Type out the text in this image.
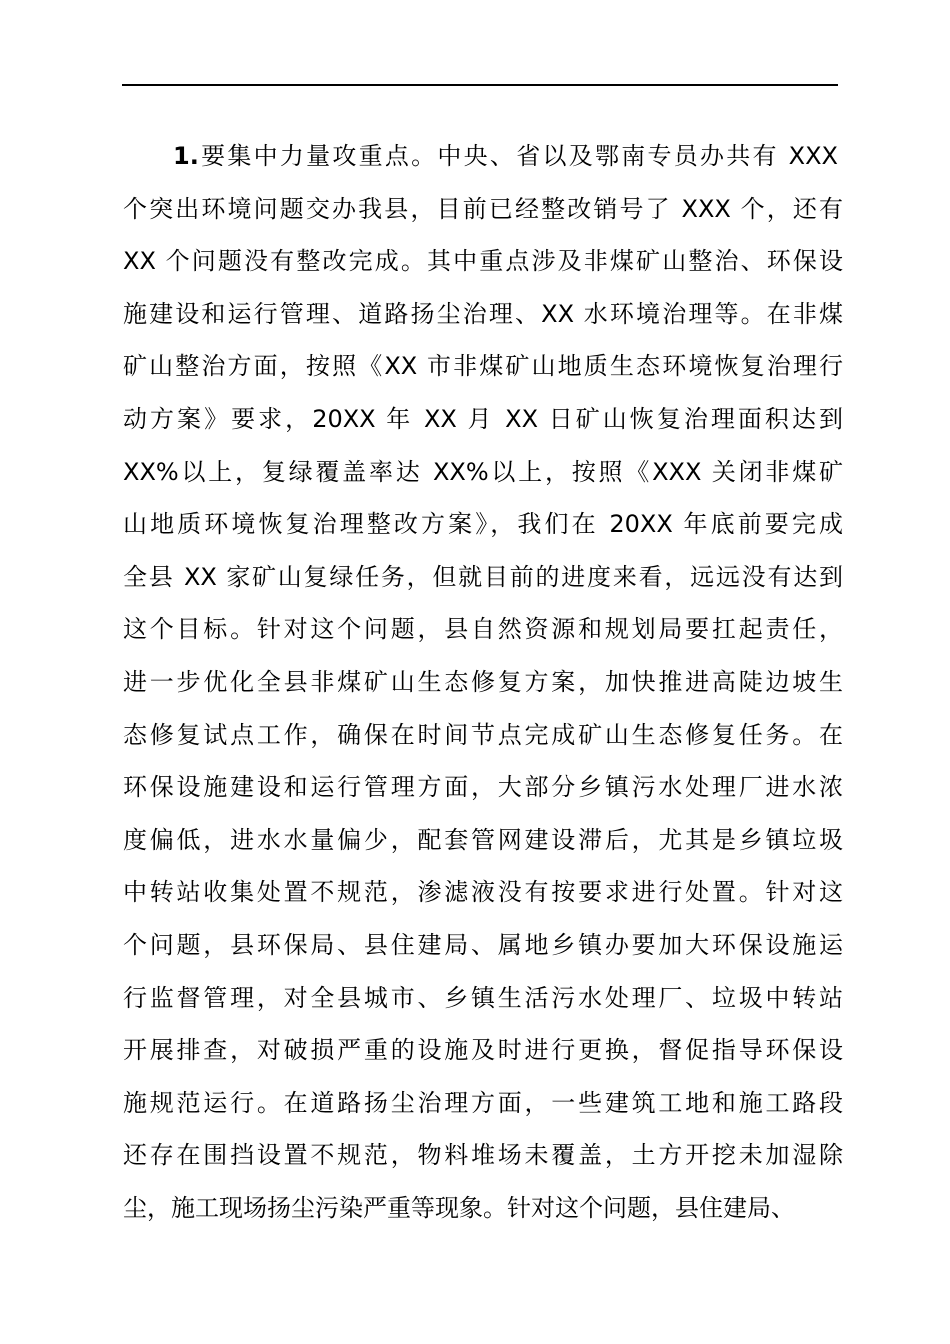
1.要集中力量攻重点。中央、省以及鄂南专员办共有 XXX
个突出环境问题交办我县，目前已经整改销号了 XXX 个，还有
XX 个问题没有整改完成。其中重点涉及非煤矿山整治、环保设
施建设和运行管理、道路扬尘治理、XX 水环境治理等。在非煤
矿山整治方面，按照《XX 市非煤矿山地质生态环境恢复治理行
动方案》要求，20XX 年 XX 月 XX 日矿山恢复治理面积达到
XX%以上，复绿覆盖率达 XX%以上，按照《XXX 关闭非煤矿
山地质环境恢复治理整改方案》，我们在 20XX 年底前要完成
全县 XX 家矿山复绿任务，但就目前的进度来看，远远没有达到
这个目标。针对这个问题，县自然资源和规划局要扛起责任，
进一步优化全县非煤矿山生态修复方案，加快推进高陡边坡生
态修复试点工作，确保在时间节点完成矿山生态修复任务。在
环保设施建设和运行管理方面，大部分乡镇污水处理厂进水浓
度偏低，进水水量偏少，配套管网建设滞后，尤其是乡镇垃圾
中转站收集处置不规范，渗滤液没有按要求进行处置。针对这
个问题，县环保局、县住建局、属地乡镇办要加大环保设施运
行监督管理，对全县城市、乡镇生活污水处理厂、垃圾中转站
开展排查，对破损严重的设施及时进行更换，督促指导环保设
施规范运行。在道路扬尘治理方面，一些建筑工地和施工路段
还存在围挡设置不规范，物料堆场未覆盖，土方开挖未加湿除
尘，施工现场扬尘污染严重等现象。针对这个问题，县住建局、
